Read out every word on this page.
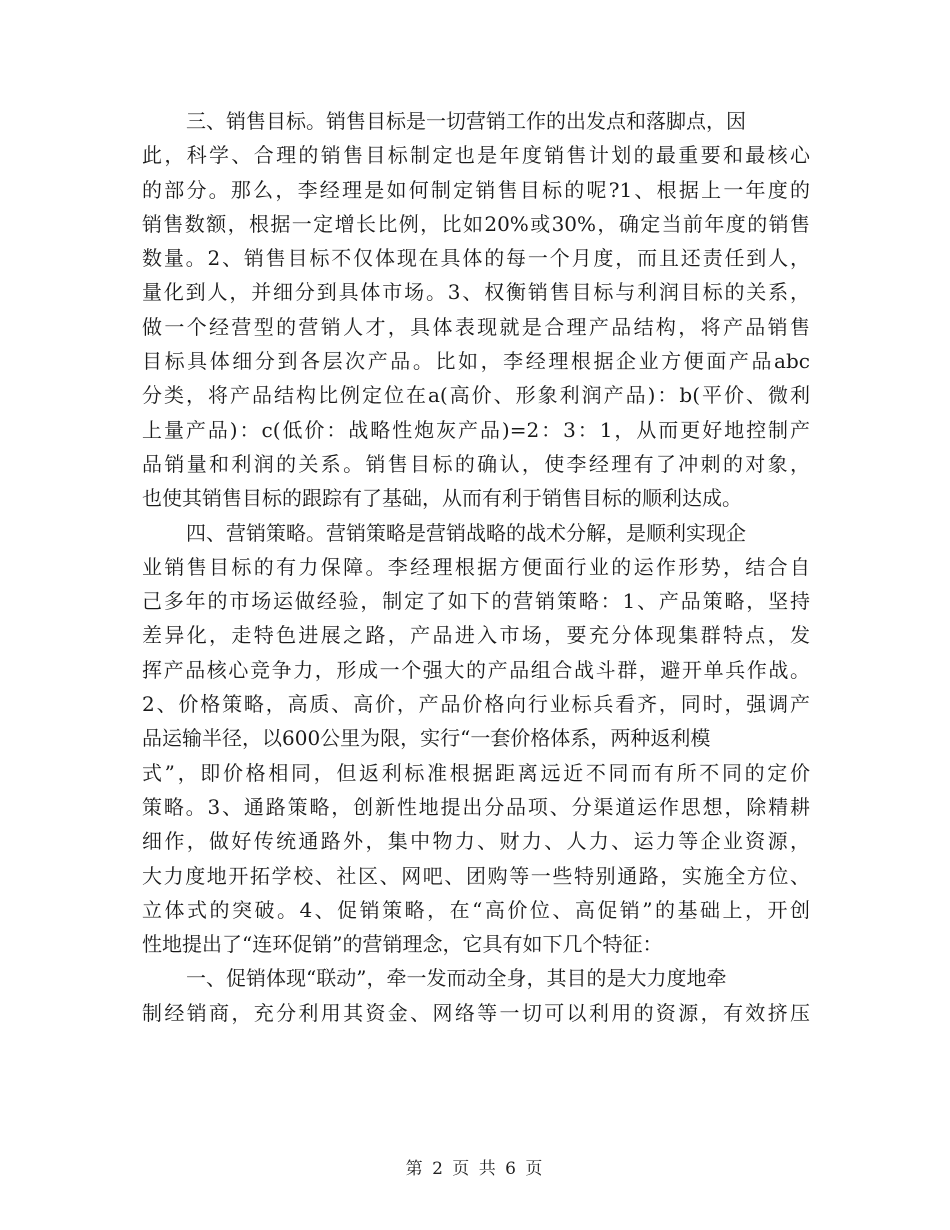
三、销售目标。销售目标是一切营销工作的出发点和落脚点，因
此，科学、合理的销售目标制定也是年度销售计划的最重要和最核心
的部分。那么，李经理是如何制定销售目标的呢?1、根据上一年度的
销售数额，根据一定增长比例，比如20%或30%，确定当前年度的销售
数量。2、销售目标不仅体现在具体的每一个月度，而且还责任到人，
量化到人，并细分到具体市场。3、权衡销售目标与利润目标的关系，
做一个经营型的营销人才，具体表现就是合理产品结构，将产品销售
目标具体细分到各层次产品。比如，李经理根据企业方便面产品abc
分类，将产品结构比例定位在a(高价、形象利润产品)：b(平价、微利
上量产品)：c(低价：战略性炮灰产品)=2：3：1，从而更好地控制产
品销量和利润的关系。销售目标的确认，使李经理有了冲刺的对象，
也使其销售目标的跟踪有了基础，从而有利于销售目标的顺利达成。
四、营销策略。营销策略是营销战略的战术分解，是顺利实现企
业销售目标的有力保障。李经理根据方便面行业的运作形势，结合自
己多年的市场运做经验，制定了如下的营销策略：1、产品策略，坚持
差异化，走特色进展之路，产品进入市场，要充分体现集群特点，发
挥产品核心竞争力，形成一个强大的产品组合战斗群，避开单兵作战。
2、价格策略，高质、高价，产品价格向行业标兵看齐，同时，强调产
品运输半径，以600公里为限，实行“一套价格体系，两种返利模
式”，即价格相同，但返利标准根据距离远近不同而有所不同的定价
策略。3、通路策略，创新性地提出分品项、分渠道运作思想，除精耕
细作，做好传统通路外，集中物力、财力、人力、运力等企业资源，
大力度地开拓学校、社区、网吧、团购等一些特别通路，实施全方位、
立体式的突破。4、促销策略，在“高价位、高促销”的基础上，开创
性地提出了“连环促销”的营销理念，它具有如下几个特征：
一、促销体现“联动”，牵一发而动全身，其目的是大力度地牵
制经销商，充分利用其资金、网络等一切可以利用的资源，有效挤压
第 2 页 共 6 页
